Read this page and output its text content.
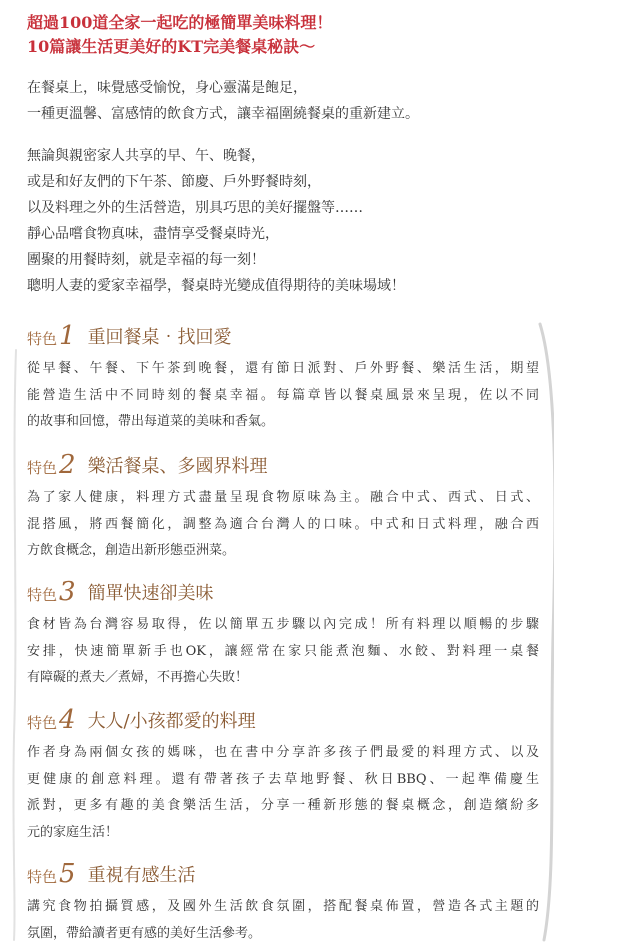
超過100道全家一起吃的極簡單美味料理！
10篇讓生活更美好的KT完美餐桌秘訣～
在餐桌上，味覺感受愉悅，身心靈滿是飽足，
一種更溫馨、富感情的飲食方式，讓幸福圍繞餐桌的重新建立。
無論與親密家人共享的早、午、晚餐，
或是和好友們的下午茶、節慶、戶外野餐時刻，
以及料理之外的生活營造，別具巧思的美好擺盤等……
靜心品嚐食物真味，盡情享受餐桌時光，
團聚的用餐時刻，就是幸福的每一刻！
聰明人妻的愛家幸福學，餐桌時光變成值得期待的美味場域！
特色 1 重回餐桌‧找回愛
從早餐、午餐、下午茶到晚餐，還有節日派對、戶外野餐、樂活生活，期望
能營造生活中不同時刻的餐桌幸福。每篇章皆以餐桌風景來呈現，佐以不同
的故事和回憶，帶出每道菜的美味和香氣。
特色 2 樂活餐桌、多國界料理
為了家人健康，料理方式盡量呈現食物原味為主。融合中式、西式、日式、
混搭風，將西餐簡化，調整為適合台灣人的口味。中式和日式料理，融合西
方飲食概念，創造出新形態亞洲菜。
特色 3 簡單快速卻美味
食材皆為台灣容易取得，佐以簡單五步驟以內完成！所有料理以順暢的步驟
安排，快速簡單新手也OK，讓經常在家只能煮泡麵、水餃、對料理一桌餐
有障礙的煮夫／煮婦，不再擔心失敗！
特色 4 大人/小孩都愛的料理
作者身為兩個女孩的媽咪，也在書中分享許多孩子們最愛的料理方式、以及
更健康的創意料理。還有帶著孩子去草地野餐、秋日BBQ、一起準備慶生
派對，更多有趣的美食樂活生活，分享一種新形態的餐桌概念，創造繽紛多
元的家庭生活！
特色 5 重視有感生活
講究食物拍攝質感，及國外生活飲食氛圍，搭配餐桌佈置，營造各式主題的
氛圍，帶給讀者更有感的美好生活參考。
